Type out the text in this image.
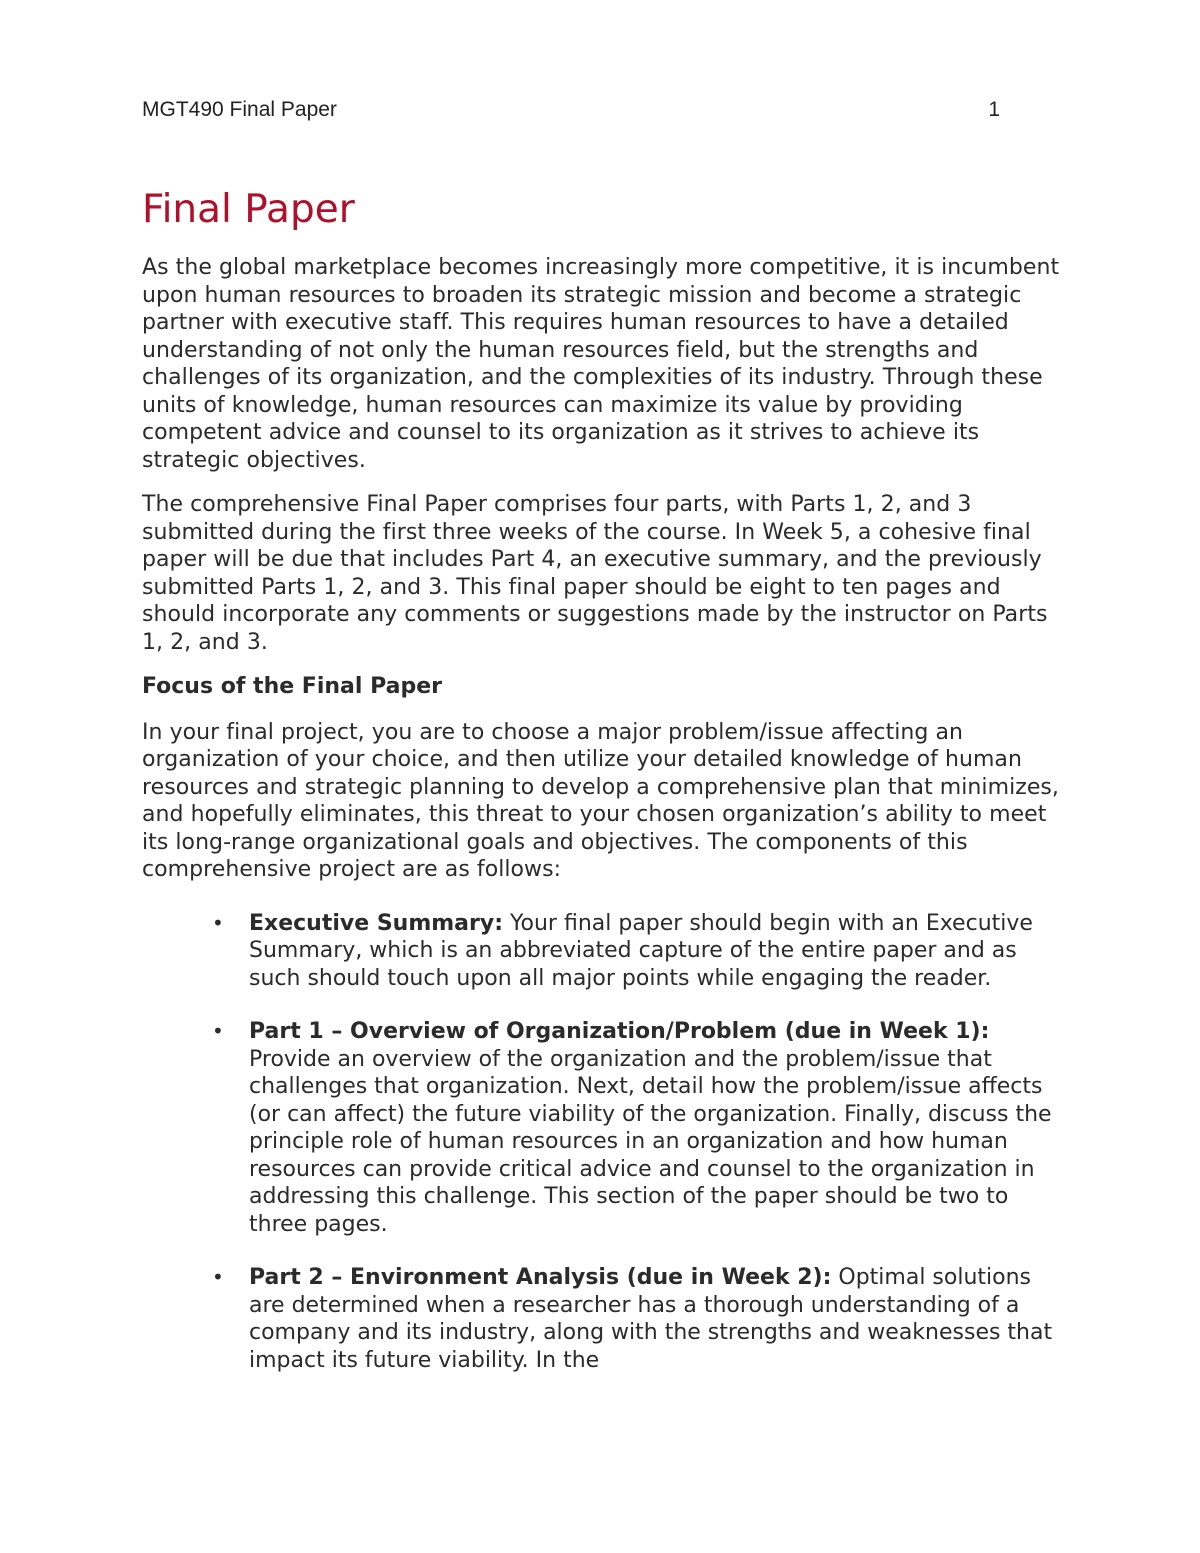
MGT490 Final Paper	1
Final Paper

As the global marketplace becomes increasingly more competitive, it is incumbent upon human resources to broaden its strategic mission and become a strategic partner with executive staff. This requires human resources to have a detailed understanding of not only the human resources field, but the strengths and challenges of its organization, and the complexities of its industry. Through these units of knowledge, human resources can maximize its value by providing competent advice and counsel to its organization as it strives to achieve its strategic objectives.

The comprehensive Final Paper comprises four parts, with Parts 1, 2, and 3 submitted during the first three weeks of the course. In Week 5, a cohesive final paper will be due that includes Part 4, an executive summary, and the previously submitted Parts 1, 2, and 3. This final paper should be eight to ten pages and should incorporate any comments or suggestions made by the instructor on Parts 1, 2, and 3.

Focus of the Final Paper

In your final project, you are to choose a major problem/issue affecting an organization of your choice, and then utilize your detailed knowledge of human resources and strategic planning to develop a comprehensive plan that minimizes, and hopefully eliminates, this threat to your chosen organization’s ability to meet its long-range organizational goals and objectives. The components of this comprehensive project are as follows:

• Executive Summary: Your final paper should begin with an Executive Summary, which is an abbreviated capture of the entire paper and as such should touch upon all major points while engaging the reader.
• Part 1 – Overview of Organization/Problem (due in Week 1): Provide an overview of the organization and the problem/issue that challenges that organization. Next, detail how the problem/issue affects (or can affect) the future viability of the organization. Finally, discuss the principle role of human resources in an organization and how human resources can provide critical advice and counsel to the organization in addressing this challenge. This section of the paper should be two to three pages.
• Part 2 – Environment Analysis (due in Week 2): Optimal solutions are determined when a researcher has a thorough understanding of a company and its industry, along with the strengths and weaknesses that impact its future viability. In the
